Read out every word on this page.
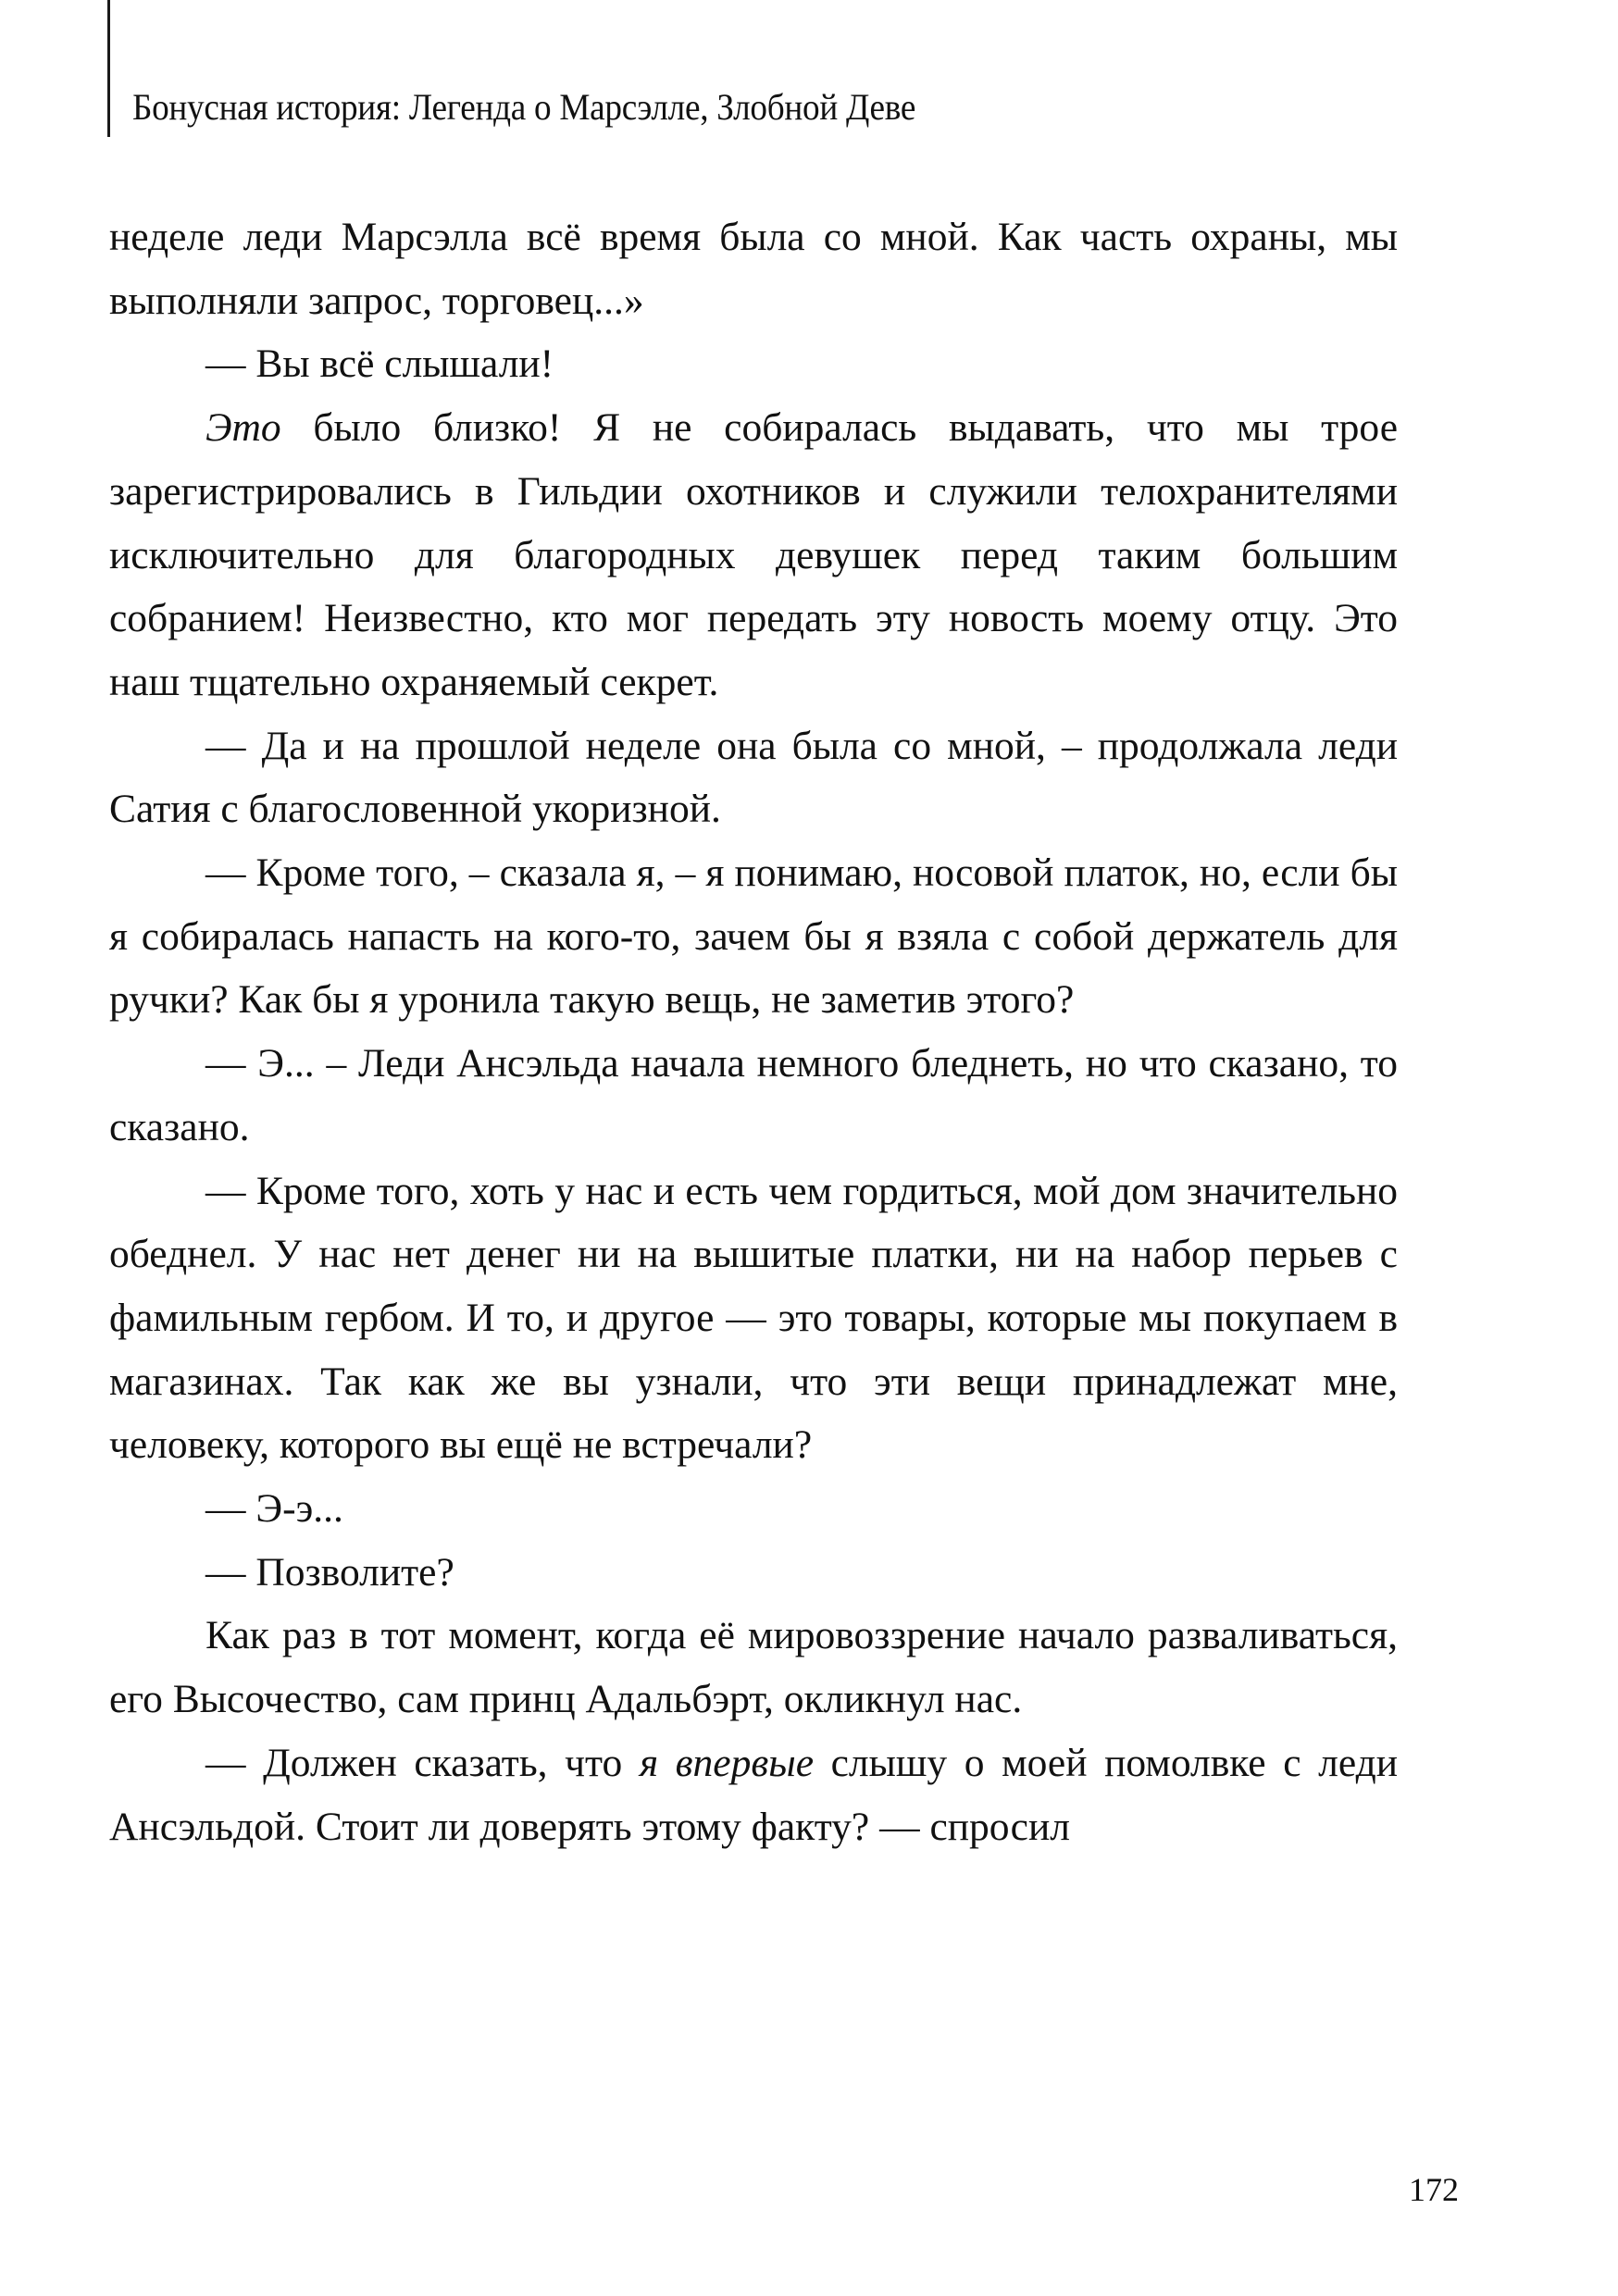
Бонусная история: Легенда о Марсэлле, Злобной Деве

неделе леди Марсэлла всё время была со мной. Как часть охраны, мы выполняли запрос, торговец...»

— Вы всё слышали!

Это было близко! Я не собиралась выдавать, что мы трое зарегистрировались в Гильдии охотников и служили телохранителями исключительно для благородных девушек перед таким большим собранием! Неизвестно, кто мог передать эту новость моему отцу. Это наш тщательно охраняемый секрет.

— Да и на прошлой неделе она была со мной, – продолжала леди Сатия с благословенной укоризной.

— Кроме того, – сказала я, – я понимаю, носовой платок, но, если бы я собиралась напасть на кого-то, зачем бы я взяла с собой держатель для ручки? Как бы я уронила такую вещь, не заметив этого?

— Э... – Леди Ансэльда начала немного бледнеть, но что сказано, то сказано.

— Кроме того, хоть у нас и есть чем гордиться, мой дом значительно обеднел. У нас нет денег ни на вышитые платки, ни на набор перьев с фамильным гербом. И то, и другое — это товары, которые мы покупаем в магазинах. Так как же вы узнали, что эти вещи принадлежат мне, человеку, которого вы ещё не встречали?

— Э-э...

— Позволите?

Как раз в тот момент, когда её мировоззрение начало разваливаться, его Высочество, сам принц Адальбэрт, окликнул нас.

— Должен сказать, что я впервые слышу о моей помолвке с леди Ансэльдой. Стоит ли доверять этому факту? — спросил

172
